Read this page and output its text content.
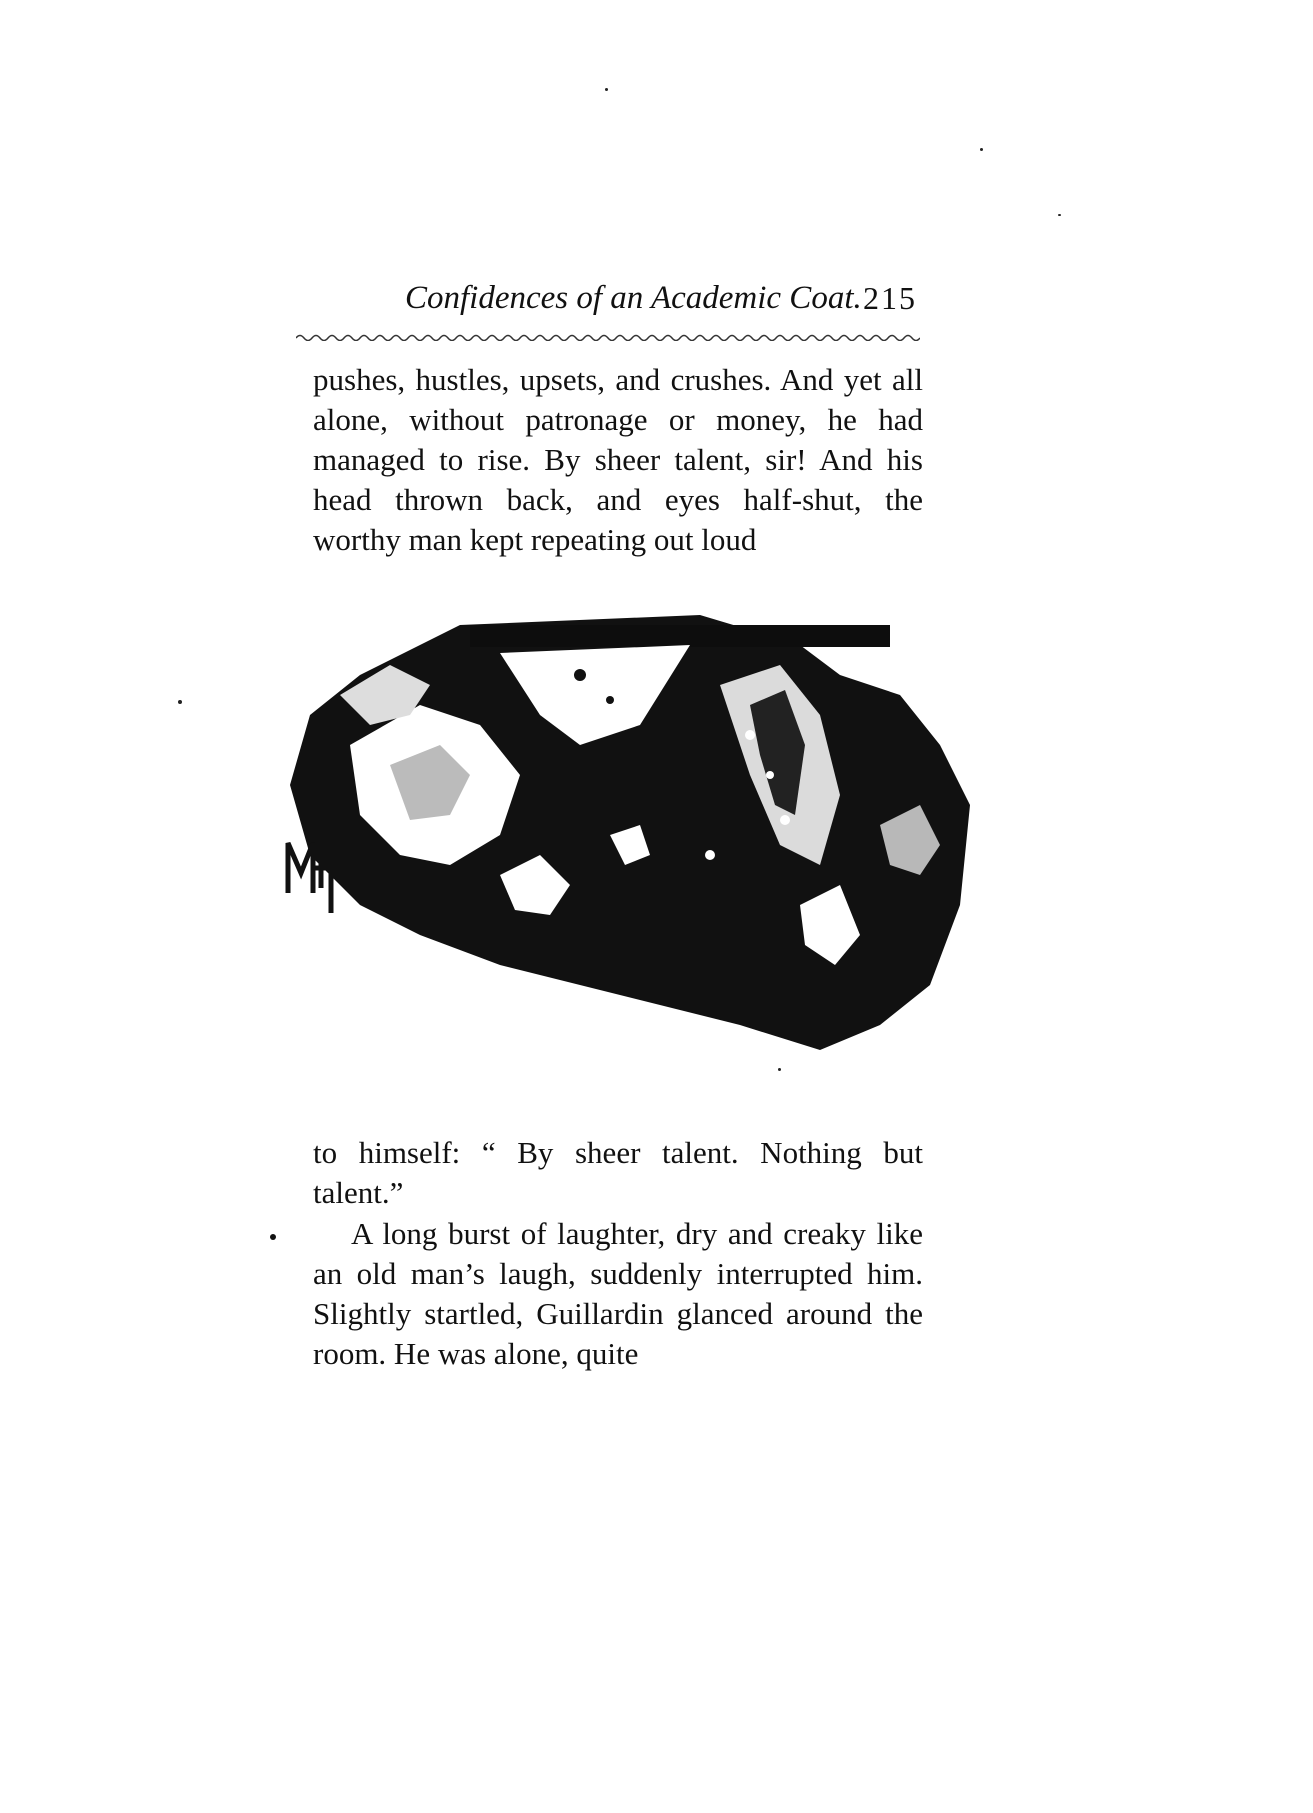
Confidences of an Academic Coat. 215

pushes, hustles, upsets, and crushes. And yet all alone, without patronage or money, he had managed to rise. By sheer talent, sir! And his head thrown back, and eyes half-shut, the worthy man kept repeating out loud

to himself: “ By sheer talent. Nothing but talent.”

A long burst of laughter, dry and creaky like an old man’s laugh, suddenly interrupted him. Slightly startled, Guillardin glanced around the room. He was alone, quite
